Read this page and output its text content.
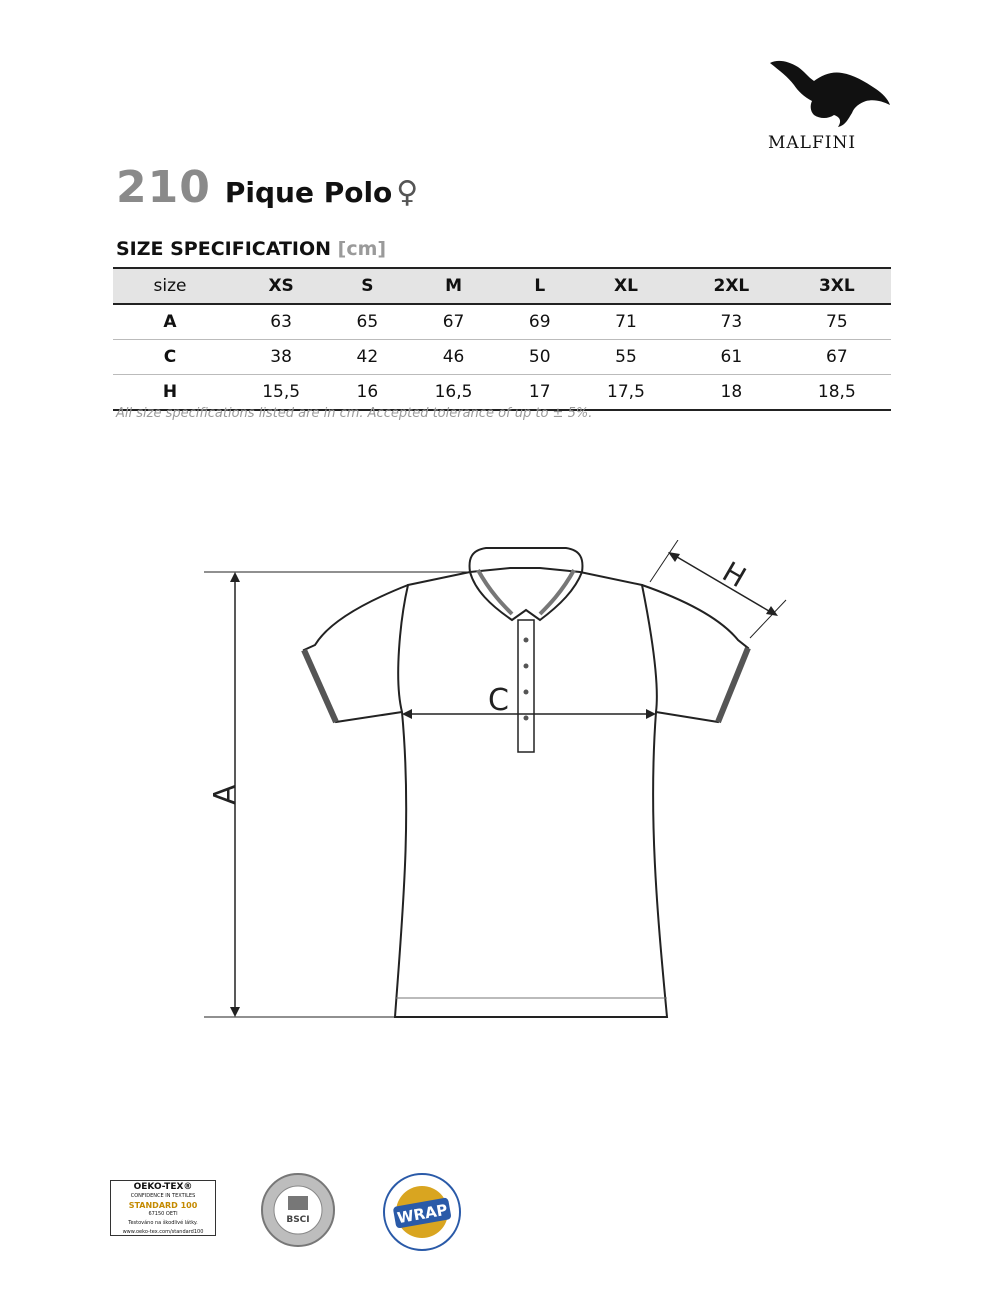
MALFINI
210 Pique Polo ♀
SIZE SPECIFICATION [cm]
size	XS	S	M	L	XL	2XL	3XL
A	63	65	67	69	71	73	75
C	38	42	46	50	55	61	67
H	15,5	16	16,5	17	17,5	18	18,5
All size specifications listed are in cm. Accepted tolerance of up to ± 5%.
A
C
H
OEKO-TEX®
CONFIDENCE IN TEXTILES
STANDARD 100
67150 OETI
Testováno na škodlivé látky.
www.oeko-tex.com/standard100
BSCI	WRAP
